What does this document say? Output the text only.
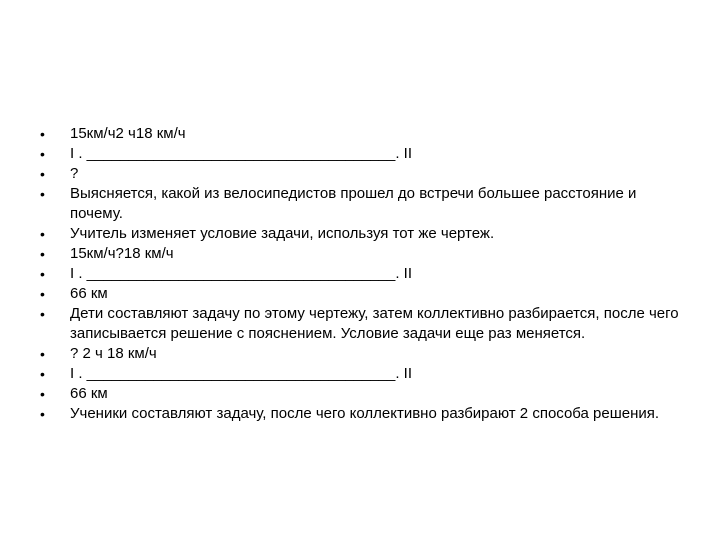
•	15км/ч2 ч18 км/ч
•	I . _____________________________________. II
•	?
•	Выясняется, какой из велосипедистов прошел до встречи большее расстояние и почему.
•	Учитель изменяет условие задачи, используя тот же чертеж.
•	15км/ч?18 км/ч
•	I . _____________________________________. II
•	66 км
•	Дети составляют задачу по этому чертежу, затем коллективно разбирается, после чего записывается решение с пояснением. Условие задачи еще раз меняется.
•	? 2 ч 18 км/ч
•	I . _____________________________________. II
•	66 км
•	Ученики составляют задачу, после чего коллективно разбирают 2 способа решения.
